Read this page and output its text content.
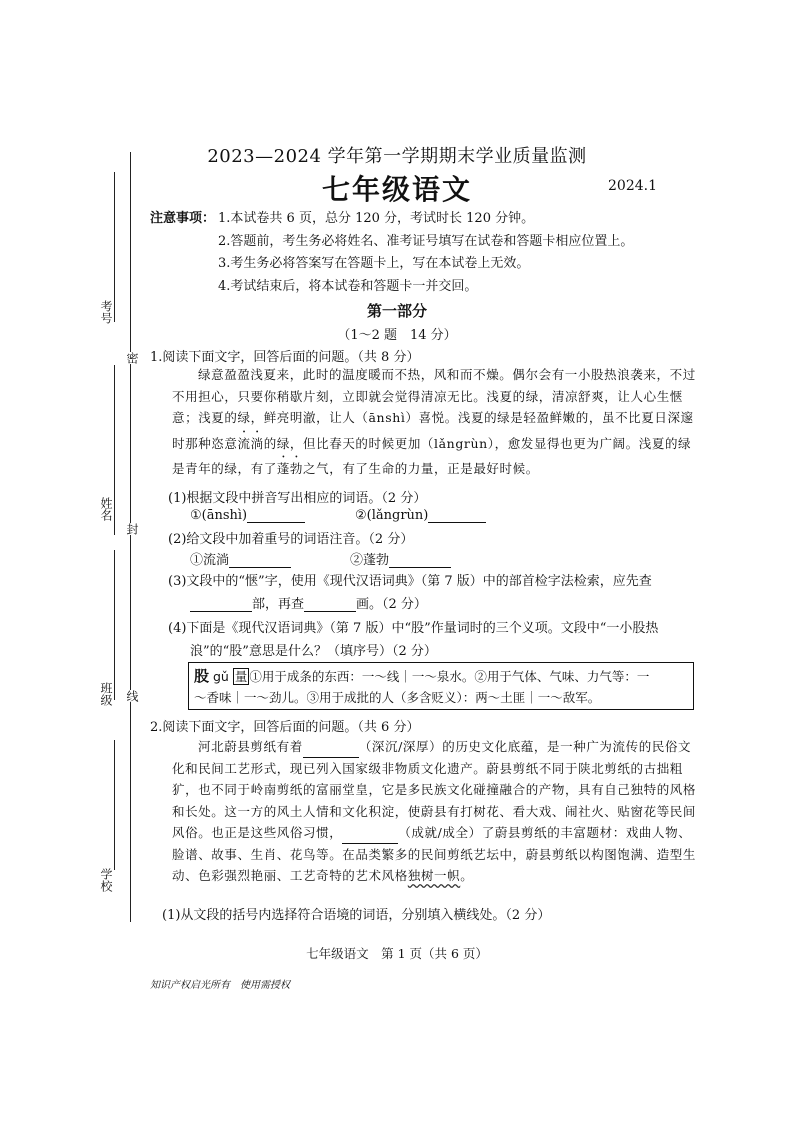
考号
密
姓名
封
班级 线
学校
2023—2024 学年第一学期期末学业质量监测
七年级语文	2024.1
注意事项： 1.本试卷共 6 页，总分 120 分，考试时长 120 分钟。
2.答题前，考生务必将姓名、准考证号填写在试卷和答题卡相应位置上。
3.考生务必将答案写在答题卡上，写在本试卷上无效。
4.考试结束后，将本试卷和答题卡一并交回。
第一部分
（1～2 题　14 分）
1.阅读下面文字，回答后面的问题。（共 8 分）
绿意盈盈浅夏来，此时的温度暖而不热，风和而不燥。偶尔会有一小股热浪袭来，不过不用担心，只要你稍歇片刻，立即就会觉得清凉无比。浅夏的绿，清凉舒爽，让人心生惬意；浅夏的绿，鲜亮明澈，让人（ānshì）喜悦。浅夏的绿是轻盈鲜嫩的，虽不比夏日深邃时那种恣意流淌的绿，但比春天的时候更加（lǎngrùn），愈发显得也更为广阔。浅夏的绿是青年的绿，有了蓬勃之气，有了生命的力量，正是最好时候。
(1)根据文段中拼音写出相应的词语。（2 分）
①(ānshì)	②(lǎngrùn)
(2)给文段中加着重号的词语注音。（2 分）
①流淌	②蓬勃
(3)文段中的“惬”字，使用《现代汉语词典》（第 7 版）中的部首检字法检索，应先查
部，再查	画。（2 分）
(4)下面是《现代汉语词典》（第 7 版）中“股”作量词时的三个义项。文段中“一小股热
浪”的“股”意思是什么？（填序号）（2 分）
股 gǔ 量 ①用于成条的东西：一～线｜一～泉水。②用于气体、气味、力气等：一
～香味｜一～劲儿。③用于成批的人（多含贬义）：两～土匪｜一～敌军。
2.阅读下面文字，回答后面的问题。（共 6 分）
河北蔚县剪纸有着	（深沉/深厚）的历史文化底蕴，是一种广为流传的民俗文化和民间工艺形式，现已列入国家级非物质文化遗产。蔚县剪纸不同于陕北剪纸的古拙粗犷，也不同于岭南剪纸的富丽堂皇，它是多民族文化碰撞融合的产物，具有自己独特的风格和长处。这一方的风土人情和文化积淀，使蔚县有打树花、看大戏、闹社火、贴窗花等民间风俗。也正是这些风俗习惯，	（成就/成全）了蔚县剪纸的丰富题材：戏曲人物、脸谱、故事、生肖、花鸟等。在品类繁多的民间剪纸艺坛中，蔚县剪纸以构图饱满、造型生动、色彩强烈艳丽、工艺奇特的艺术风格独树一帜。
(1)从文段的括号内选择符合语境的词语，分别填入横线处。（2 分）
七年级语文　第 1 页（共 6 页）
知识产权启光所有　使用需授权
